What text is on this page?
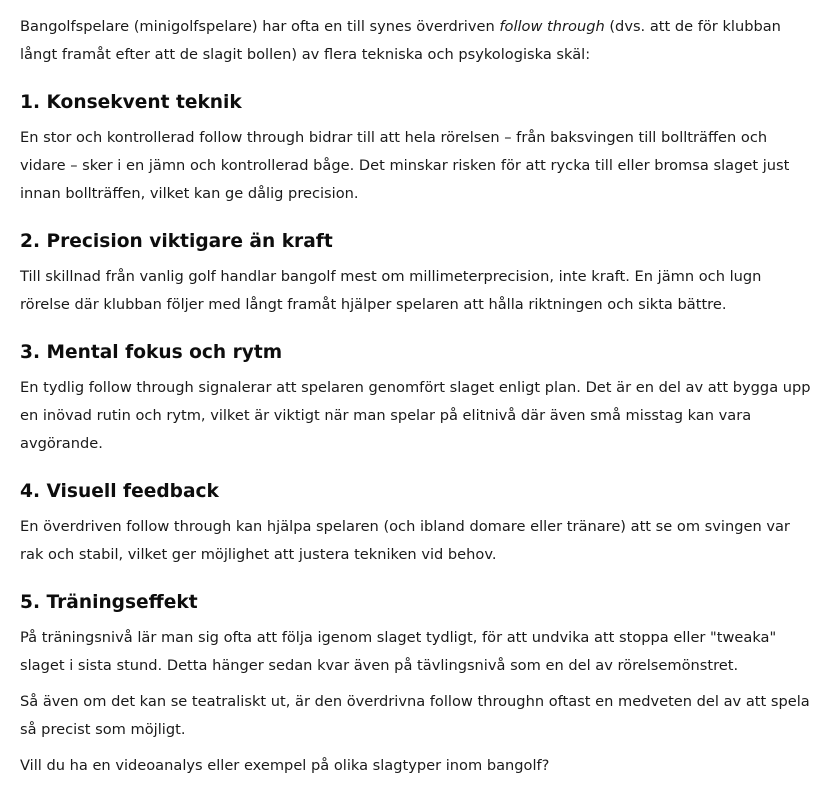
Bangolfspelare (minigolfspelare) har ofta en till synes överdriven follow through (dvs. att de för klubban långt framåt efter att de slagit bollen) av flera tekniska och psykologiska skäl:

1. Konsekvent teknik

En stor och kontrollerad follow through bidrar till att hela rörelsen – från baksvingen till bollträffen och vidare – sker i en jämn och kontrollerad båge. Det minskar risken för att rycka till eller bromsa slaget just innan bollträffen, vilket kan ge dålig precision.

2. Precision viktigare än kraft

Till skillnad från vanlig golf handlar bangolf mest om millimeterprecision, inte kraft. En jämn och lugn rörelse där klubban följer med långt framåt hjälper spelaren att hålla riktningen och sikta bättre.

3. Mental fokus och rytm

En tydlig follow through signalerar att spelaren genomfört slaget enligt plan. Det är en del av att bygga upp en inövad rutin och rytm, vilket är viktigt när man spelar på elitnivå där även små misstag kan vara avgörande.

4. Visuell feedback

En överdriven follow through kan hjälpa spelaren (och ibland domare eller tränare) att se om svingen var rak och stabil, vilket ger möjlighet att justera tekniken vid behov.

5. Träningseffekt

På träningsnivå lär man sig ofta att följa igenom slaget tydligt, för att undvika att stoppa eller "tweaka" slaget i sista stund. Detta hänger sedan kvar även på tävlingsnivå som en del av rörelsemönstret.

Så även om det kan se teatraliskt ut, är den överdrivna follow throughn oftast en medveten del av att spela så precist som möjligt.

Vill du ha en videoanalys eller exempel på olika slagtyper inom bangolf?
